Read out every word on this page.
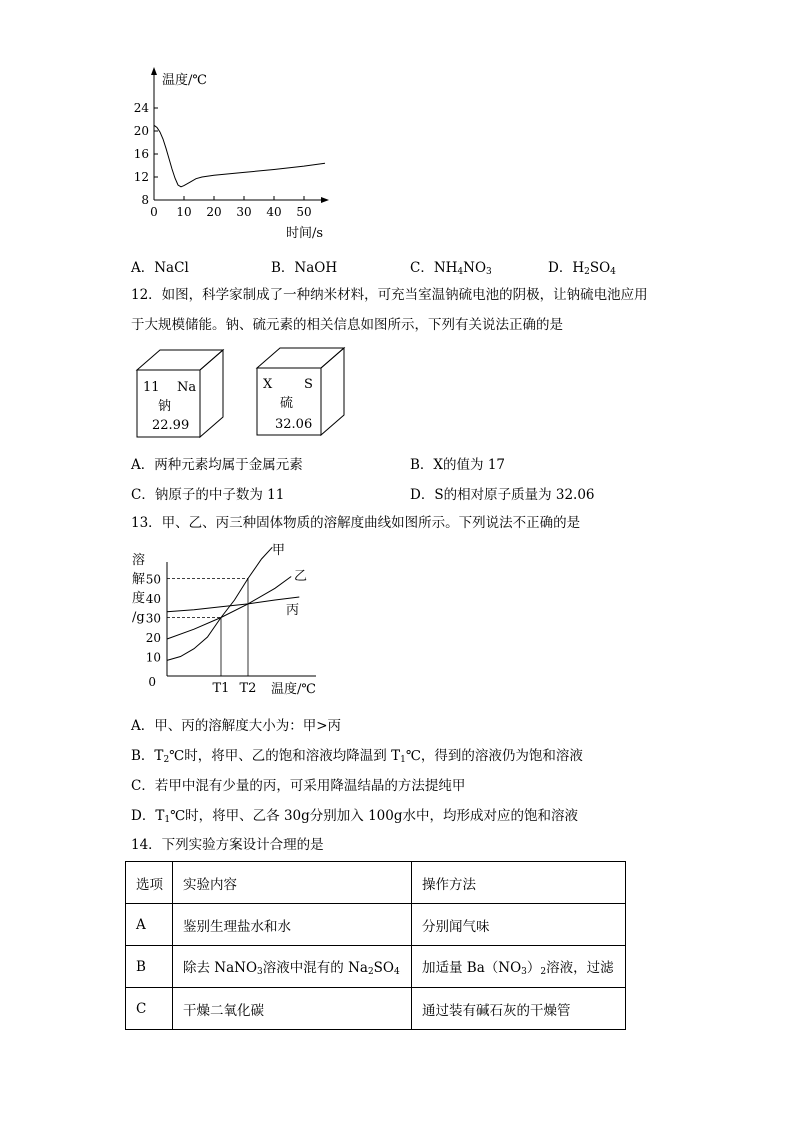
温度/℃
时间/s
8
12
16
20
24
0 10 20 30 40 50
A．NaCl	B．NaOH	C．$NH_4NO_3$	D．$H_2SO_4$
12．如图，科学家制成了一种纳米材料，可充当室温钠硫电池的阴极，让钠硫电池应用
于大规模储能。钠、硫元素的相关信息如图所示，下列有关说法正确的是
11 Na
钠
22.99
X S
硫
32.06
A．两种元素均属于金属元素	B．X的值为 17
C．钠原子的中子数为 11	D．S的相对原子质量为 32.06
13．甲、乙、丙三种固体物质的溶解度曲线如图所示。下列说法不正确的是
溶
解
度
/g
0
10
20
30
40
50
T1 T2
甲
乙
丙
温度/℃
A．甲、丙的溶解度大小为：甲>丙
B．$T_2℃$时，将甲、乙的饱和溶液均降温到 $T_1℃$，得到的溶液仍为饱和溶液
C．若甲中混有少量的丙，可采用降温结晶的方法提纯甲
D．$T_1℃$时，将甲、乙各 30g分别加入 100g水中，均形成对应的饱和溶液
14．下列实验方案设计合理的是
选项	实验内容	操作方法
A	鉴别生理盐水和水	分别闻气味
B	除去 NaNO$_3$溶液中混有的 $Na_2SO_4$	加适量 $Ba(NO_3)_2$溶液，过滤
C	干燥二氧化碳	通过装有碱石灰的干燥管
